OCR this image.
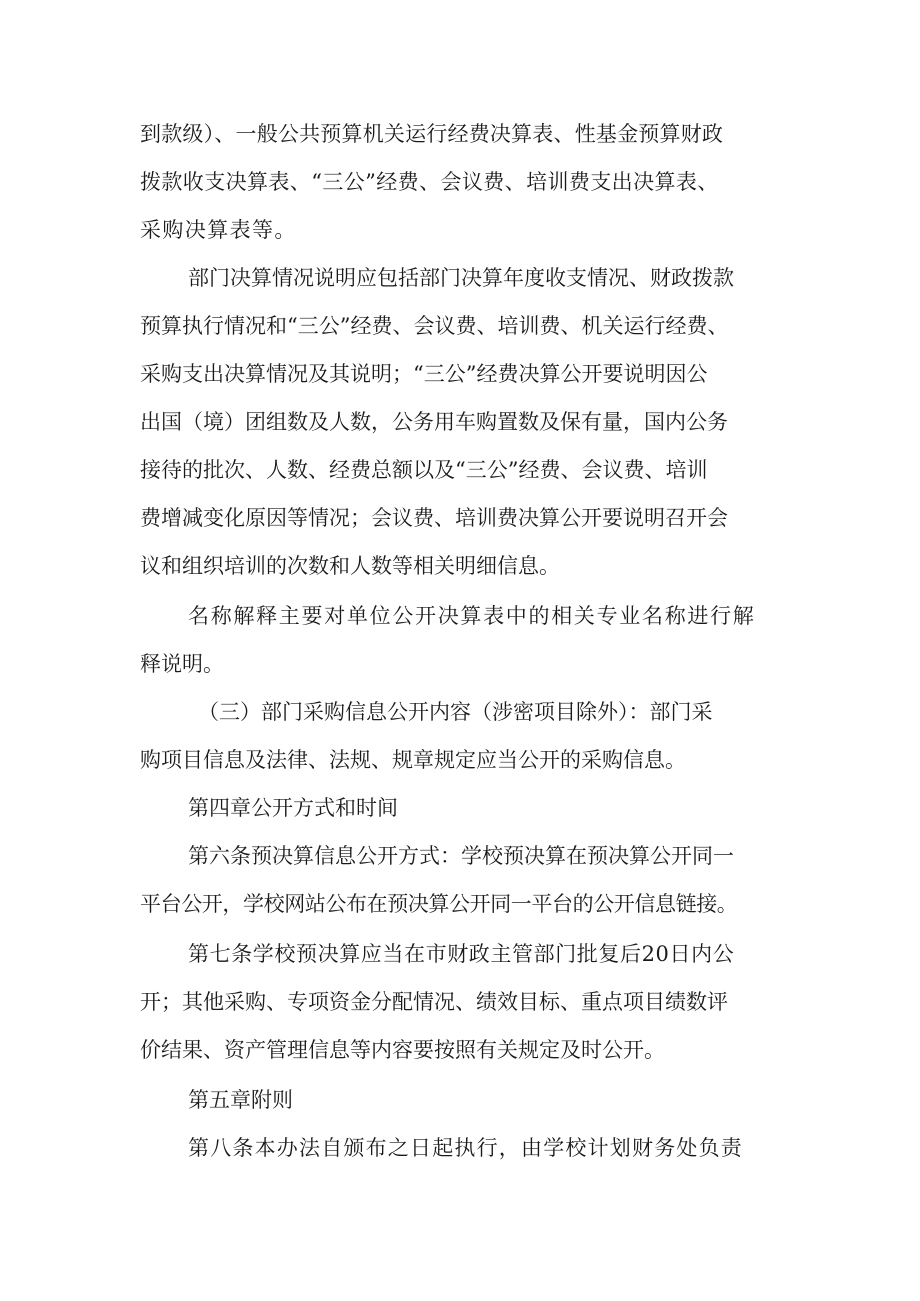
到款级）、一般公共预算机关运行经费决算表、性基金预算财政
拨款收支决算表、“三公”经费、会议费、培训费支出决算表、
采购决算表等。
部门决算情况说明应包括部门决算年度收支情况、财政拨款
预算执行情况和“三公”经费、会议费、培训费、机关运行经费、
采购支出决算情况及其说明；“三公”经费决算公开要说明因公
出国（境）团组数及人数，公务用车购置数及保有量，国内公务
接待的批次、人数、经费总额以及“三公”经费、会议费、培训
费增减变化原因等情况；会议费、培训费决算公开要说明召开会
议和组织培训的次数和人数等相关明细信息。
名称解释主要对单位公开决算表中的相关专业名称进行解
释说明。
（三）部门采购信息公开内容（涉密项目除外）：部门采
购项目信息及法律、法规、规章规定应当公开的采购信息。
第四章公开方式和时间
第六条预决算信息公开方式：学校预决算在预决算公开同一
平台公开，学校网站公布在预决算公开同一平台的公开信息链接。
第七条学校预决算应当在市财政主管部门批复后20日内公
开；其他采购、专项资金分配情况、绩效目标、重点项目绩数评
价结果、资产管理信息等内容要按照有关规定及时公开。
第五章附则
第八条本办法自颁布之日起执行，由学校计划财务处负责
